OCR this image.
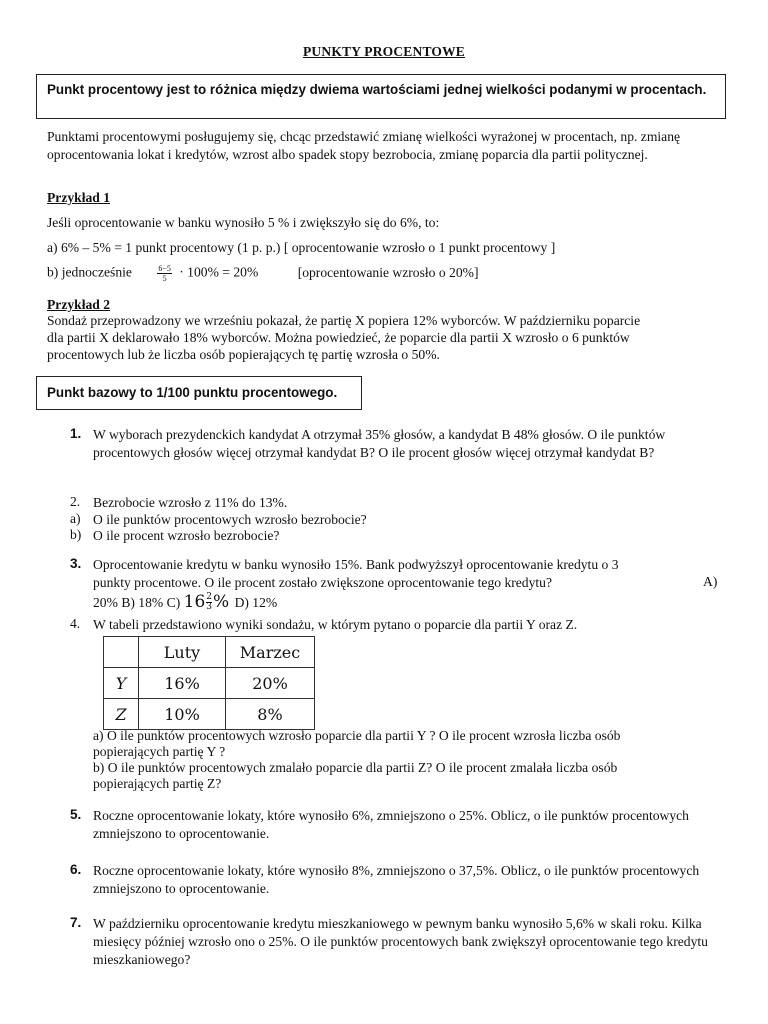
PUNKTY PROCENTOWE
Punkt procentowy jest to różnica między dwiema wartościami jednej wielkości podanymi w procentach.
Punktami procentowymi posługujemy się, chcąc przedstawić zmianę wielkości wyrażonej w procentach, np. zmianę oprocentowania lokat i kredytów, wzrost albo spadek stopy bezrobocia, zmianę poparcia dla partii politycznej.
Przykład 1
Jeśli oprocentowanie w banku wynosiło 5 % i zwiększyło się do 6%, to:
a) 6% – 5% = 1 punkt procentowy (1 p. p.) [ oprocentowanie wzrosło o 1 punkt procentowy ]
b) jednocześnie	$\frac{6-5}{5} \cdot 100\% = 20\%$	[oprocentowanie wzrosło o 20%]
Przykład 2
Sondaż przeprowadzony we wrześniu pokazał, że partię X popiera 12% wyborców. W październiku poparcie
dla partii X deklarowało 18% wyborców. Można powiedzieć, że poparcie dla partii X wzrosło o 6 punktów
procentowych lub że liczba osób popierających tę partię wzrosła o 50%.
Punkt bazowy to 1/100 punktu procentowego.
1. W wyborach prezydenckich kandydat A otrzymał 35% głosów, a kandydat B 48% głosów. O ile punktów procentowych głosów więcej otrzymał kandydat B? O ile procent głosów więcej otrzymał kandydat B?
2. Bezrobocie wzrosło z 11% do 13%.
a) O ile punktów procentowych wzrosło bezrobocie?
b) O ile procent wzrosło bezrobocie?
3. Oprocentowanie kredytu w banku wynosiło 15%. Bank podwyższył oprocentowanie kredytu o 3
punkty procentowe. O ile procent zostało zwiększone oprocentowanie tego kredytu?	A)
20% B) 18% C) $16 \frac{2}{3}$ % D) 12%
4. W tabeli przedstawiono wyniki sondażu, w którym pytano o poparcie dla partii Y oraz Z.
	Luty	Marzec
Y	16%	20%
Z	10%	8%
a) O ile punktów procentowych wzrosło poparcie dla partii Y ? O ile procent wzrosła liczba osób
popierających partię Y ?
b) O ile punktów procentowych zmalało poparcie dla partii Z? O ile procent zmalała liczba osób
popierających partię Z?
5. Roczne oprocentowanie lokaty, które wynosiło 6%, zmniejszono o 25%. Oblicz, o ile punktów procentowych zmniejszono to oprocentowanie.
6. Roczne oprocentowanie lokaty, które wynosiło 8%, zmniejszono o 37,5%. Oblicz, o ile punktów procentowych zmniejszono to oprocentowanie.
7. W październiku oprocentowanie kredytu mieszkaniowego w pewnym banku wynosiło 5,6% w skali roku. Kilka miesięcy później wzrosło ono o 25%. O ile punktów procentowych bank zwiększył oprocentowanie tego kredytu mieszkaniowego?
